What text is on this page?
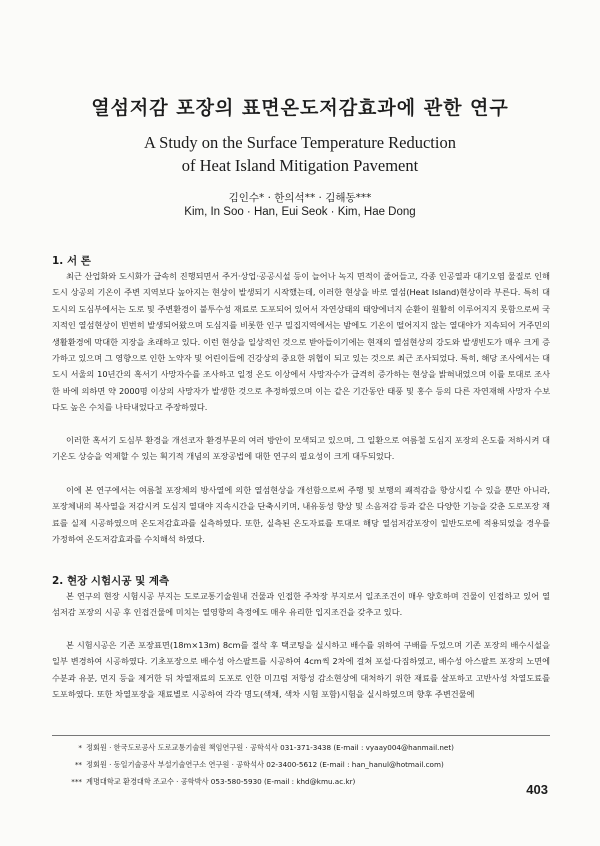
열섬저감 포장의 표면온도저감효과에 관한 연구
A Study on the Surface Temperature Reduction
of Heat Island Mitigation Pavement
김인수* · 한의석** · 김해동***
Kim, In Soo · Han, Eui Seok · Kim, Hae Dong
1. 서 론

최근 산업화와 도시화가 급속히 진행되면서 주거·상업·공공시설 등이 늘어나 녹지 면적이 줄어들고, 각종 인공열과 대기오염 물질로 인해 도시 상공의 기온이 주변 지역보다 높아지는 현상이 발생되기 시작했는데, 이러한 현상을 바로 열섬(Heat Island)현상이라 부른다. 특히 대도시의 도심부에서는 도로 및 주변환경이 불투수성 재료로 도포되어 있어서 자연상태의 태양에너지 순환이 원활히 이루어지지 못함으로써 국지적인 열섬현상이 빈번히 발생되어왔으며 도심지를 비롯한 인구 밀집지역에서는 밤에도 기온이 떨어지지 않는 열대야가 지속되어 거주민의 생활환경에 막대한 지장을 초래하고 있다. 이런 현상을 일상적인 것으로 받아들이기에는 현재의 열섬현상의 강도와 발생빈도가 매우 크게 증가하고 있으며 그 영향으로 인한 노약자 및 어린이들에 건강상의 중요한 위협이 되고 있는 것으로 최근 조사되었다. 특히, 해당 조사에서는 대도시 서울의 10년간의 혹서기 사망자수를 조사하고 일정 온도 이상에서 사망자수가 급격히 증가하는 현상을 밝혀내었으며 이를 토대로 조사한 바에 의하면 약 2000명 이상의 사망자가 발생한 것으로 추정하였으며 이는 같은 기간동안 태풍 및 홍수 등의 다른 자연재해 사망자 수보다도 높은 수치를 나타내었다고 주장하였다.

이러한 혹서기 도심부 환경을 개선코자 환경부문의 여러 방안이 모색되고 있으며, 그 일환으로 여름철 도심지 포장의 온도를 저하시켜 대기온도 상승을 억제할 수 있는 획기적 개념의 포장공법에 대한 연구의 필요성이 크게 대두되었다.

이에 본 연구에서는 여름철 포장체의 방사열에 의한 열섬현상을 개선함으로써 주행 및 보행의 쾌적감을 향상시킬 수 있을 뿐만 아니라, 포장체내의 복사열을 저감시켜 도심지 열대야 지속시간을 단축시키며, 내유동성 향상 및 소음저감 등과 같은 다양한 기능을 갖춘 도로포장 재료를 실제 시공하였으며 온도저감효과를 실측하였다. 또한, 실측된 온도자료를 토대로 해당 열섬저감포장이 일반도로에 적용되었을 경우를 가정하여 온도저감효과를 수치해석 하였다.

2. 현장 시험시공 및 계측

본 연구의 현장 시험시공 부지는 도로교통기술원내 건물과 인접한 주차장 부지로서 일조조건이 매우 양호하며 건물이 인접하고 있어 열섬저감 포장의 시공 후 인접건물에 미치는 열영향의 측정에도 매우 유리한 입지조건을 갖추고 있다.

본 시험시공은 기존 포장표면(18m×13m) 8cm를 절삭 후 택코팅을 실시하고 배수를 위하여 구배를 두었으며 기존 포장의 배수시설을 일부 변경하여 시공하였다. 기초포장으로 배수성 아스팔트를 시공하여 4cm씩 2차에 걸쳐 포설·다짐하였고, 배수성 아스팔트 포장의 노면에 수분과 유분, 먼지 등을 제거한 뒤 차열재료의 도포로 인한 미끄럼 저항성 감소현상에 대처하기 위한 재료를 살포하고 고반사성 차열도료를 도포하였다. 또한 차열포장을 재료별로 시공하여 각각 명도(색채, 색차 시험 포함)시험을 실시하였으며 향후 주변건물에

* 정회원 · 한국도로공사 도로교통기술원 책임연구원 · 공학석사 031-371-3438 (E-mail : vyaay004@hanmail.net)
** 정회원 · 동일기술공사 부설기술연구소 연구원 · 공학석사 02-3400-5612 (E-mail : han_hanul@hotmail.com)
*** 계명대학교 환경대학 조교수 · 공학박사 053-580-5930 (E-mail : khd@kmu.ac.kr)
403
